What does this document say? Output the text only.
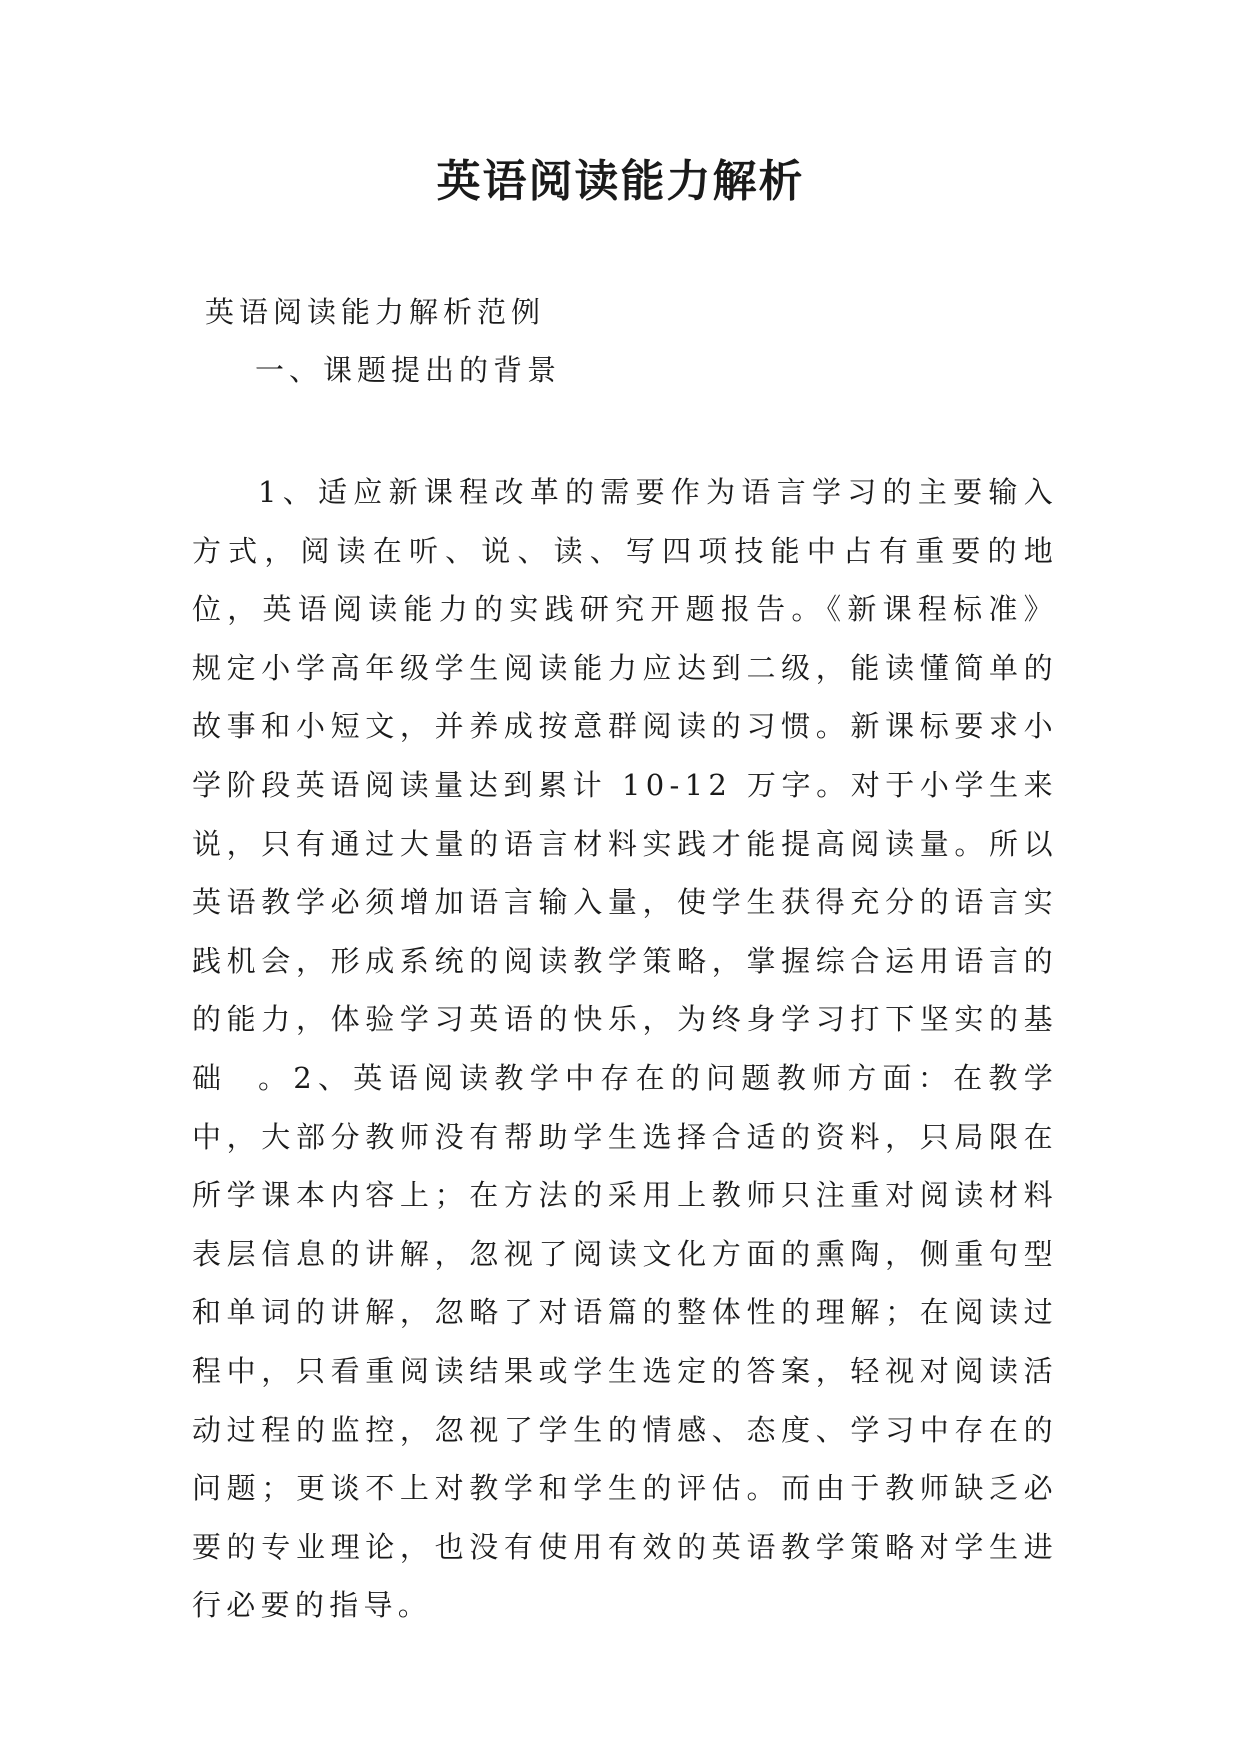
英语阅读能力解析

英语阅读能力解析范例

一、课题提出的背景

1、适应新课程改革的需要作为语言学习的主要输入方式，阅读在听、说、读、写四项技能中占有重要的地位，英语阅读能力的实践研究开题报告。《新课程标准》规定小学高年级学生阅读能力应达到二级，能读懂简单的故事和小短文，并养成按意群阅读的习惯。新课标要求小学阶段英语阅读量达到累计 10-12 万字。对于小学生来说，只有通过大量的语言材料实践才能提高阅读量。所以英语教学必须增加语言输入量，使学生获得充分的语言实践机会，形成系统的阅读教学策略，掌握综合运用语言的的能力，体验学习英语的快乐，为终身学习打下坚实的基础	。2、英语阅读教学中存在的问题教师方面：在教学中，大部分教师没有帮助学生选择合适的资料，只局限在所学课本内容上；在方法的采用上教师只注重对阅读材料表层信息的讲解，忽视了阅读文化方面的熏陶，侧重句型和单词的讲解，忽略了对语篇的整体性的理解；在阅读过程中，只看重阅读结果或学生选定的答案，轻视对阅读活动过程的监控，忽视了学生的情感、态度、学习中存在的问题；更谈不上对教学和学生的评估。而由于教师缺乏必要的专业理论，也没有使用有效的英语教学策略对学生进行必要的指导。
